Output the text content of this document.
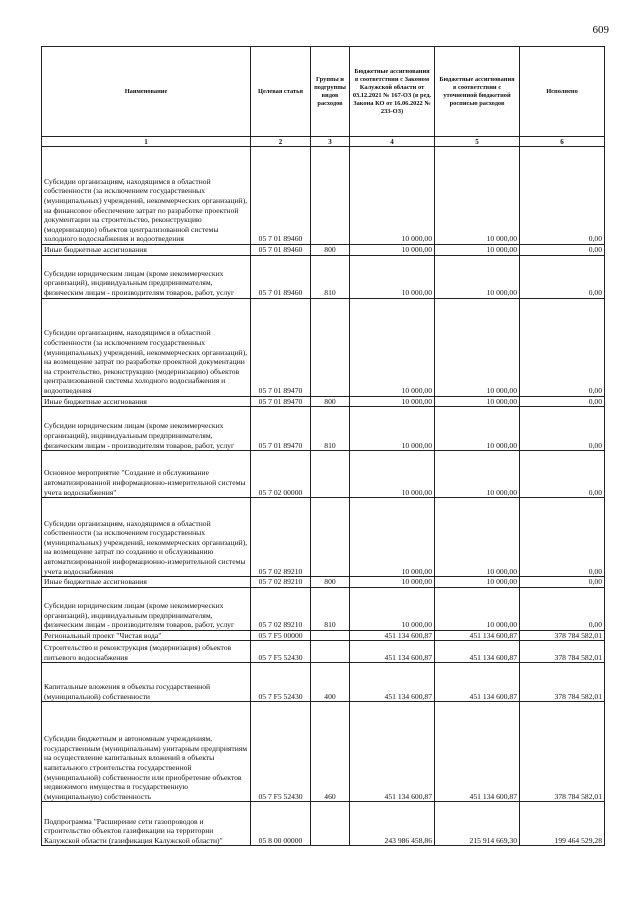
609
Наименование	Целевая статья	Группы и подгруппы видов расходов	Бюджетные ассигнования в соответствии с Законом Калужской области от 03.12.2021 № 167-ОЗ (в ред. Закона КО от 16.06.2022 № 233-ОЗ)	Бюджетные ассигнования в соответствии с уточненной бюджетной росписью расходов	Исполнено
1	2	3	4	5	6
Субсидии организациям, находящимся в областной собственности (за исключением государственных (муниципальных) учреждений, некоммерческих организаций), на финансовое обеспечение затрат по разработке проектной документации на строительство, реконструкцию (модернизацию) объектов централизованной системы холодного водоснабжения и водоотведения	05 7 01 89460		10 000,00	10 000,00	0,00
Иные бюджетные ассигнования	05 7 01 89460	800	10 000,00	10 000,00	0,00
Субсидии юридическим лицам (кроме некоммерческих организаций), индивидуальным предпринимателям, физическим лицам - производителям товаров, работ, услуг	05 7 01 89460	810	10 000,00	10 000,00	0,00
Субсидии организациям, находящимся в областной собственности (за исключением государственных (муниципальных) учреждений, некоммерческих организаций), на возмещение затрат по разработке проектной документации на строительство, реконструкцию (модернизацию) объектов централизованной системы холодного водоснабжения и водоотведения	05 7 01 89470		10 000,00	10 000,00	0,00
Иные бюджетные ассигнования	05 7 01 89470	800	10 000,00	10 000,00	0,00
Субсидии юридическим лицам (кроме некоммерческих организаций), индивидуальным предпринимателям, физическим лицам - производителям товаров, работ, услуг	05 7 01 89470	810	10 000,00	10 000,00	0,00
Основное мероприятие "Создание и обслуживание автоматизированной информационно-измерительной системы учета водоснабжения"	05 7 02 00000		10 000,00	10 000,00	0,00
Субсидии организациям, находящимся в областной собственности (за исключением государственных (муниципальных) учреждений, некоммерческих организаций), на возмещение затрат по созданию и обслуживанию автоматизированной информационно-измерительной системы учета водоснабжения	05 7 02 89210		10 000,00	10 000,00	0,00
Иные бюджетные ассигнования	05 7 02 89210	800	10 000,00	10 000,00	0,00
Субсидии юридическим лицам (кроме некоммерческих организаций), индивидуальным предпринимателям, физическим лицам - производителям товаров, работ, услуг	05 7 02 89210	810	10 000,00	10 000,00	0,00
Региональный проект "Чистая вода"	05 7 F5 00000		451 134 600,87	451 134 600,87	378 784 582,01
Строительство и реконструкция (модернизация) объектов питьевого водоснабжения	05 7 F5 52430		451 134 600,87	451 134 600,87	378 784 582,01
Капитальные вложения в объекты государственной (муниципальной) собственности	05 7 F5 52430	400	451 134 600,87	451 134 600,87	378 784 582,01
Субсидии бюджетным и автономным учреждениям, государственным (муниципальным) унитарным предприятиям на осуществление капитальных вложений в объекты капитального строительства государственной (муниципальной) собственности или приобретение объектов недвижимого имущества в государственную (муниципальную) собственность	05 7 F5 52430	460	451 134 600,87	451 134 600,87	378 784 582,01
Подпрограмма "Расширение сети газопроводов и строительство объектов газификации на территории Калужской области (газификация Калужской области)"	05 8 00 00000		243 986 458,86	215 914 669,30	199 464 529,28
